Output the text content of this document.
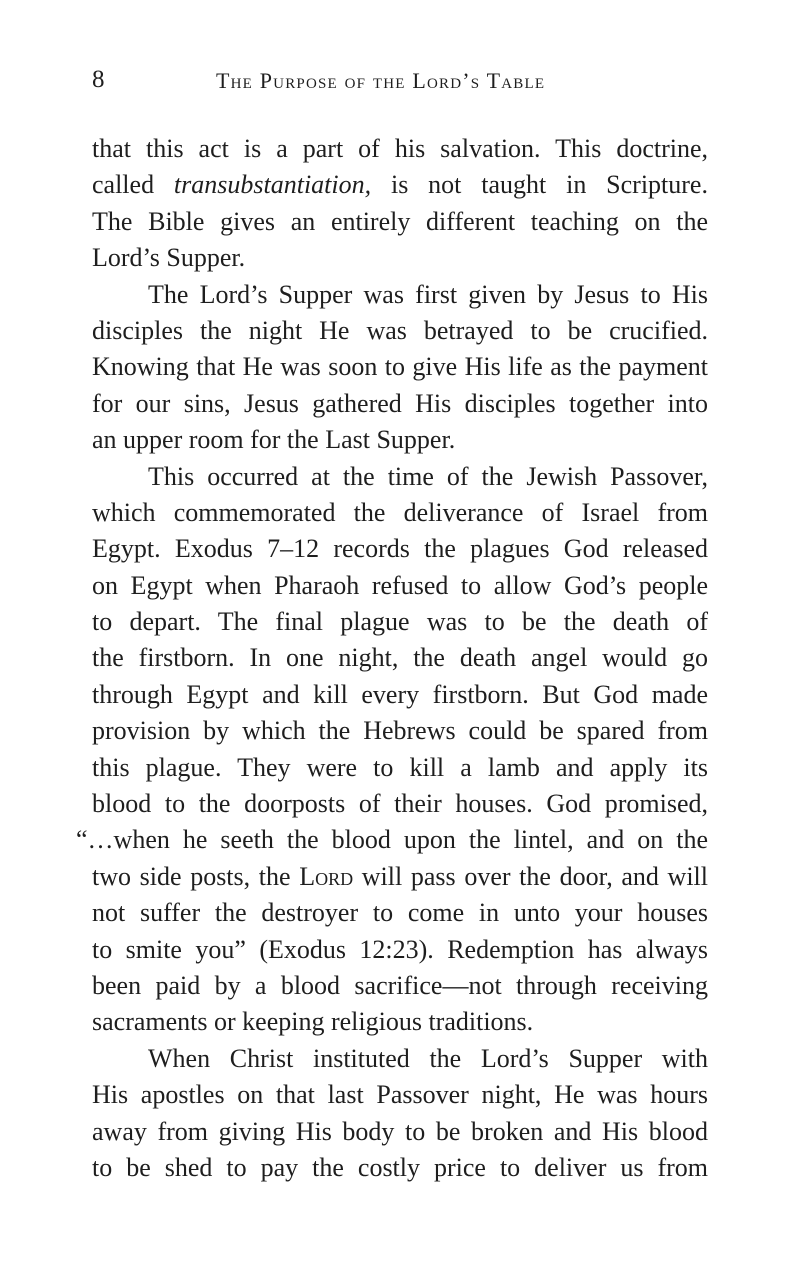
8	The Purpose of the Lord’s Table
that this act is a part of his salvation. This doctrine,
called transubstantiation, is not taught in Scripture.
The Bible gives an entirely different teaching on the
Lord’s Supper.
The Lord’s Supper was first given by Jesus to His
disciples the night He was betrayed to be crucified.
Knowing that He was soon to give His life as the payment
for our sins, Jesus gathered His disciples together into
an upper room for the Last Supper.
This occurred at the time of the Jewish Passover,
which commemorated the deliverance of Israel from
Egypt. Exodus 7–12 records the plagues God released
on Egypt when Pharaoh refused to allow God’s people
to depart. The final plague was to be the death of
the firstborn. In one night, the death angel would go
through Egypt and kill every firstborn. But God made
provision by which the Hebrews could be spared from
this plague. They were to kill a lamb and apply its
blood to the doorposts of their houses. God promised,
“…when he seeth the blood upon the lintel, and on the
two side posts, the Lord will pass over the door, and will
not suffer the destroyer to come in unto your houses
to smite you” (Exodus 12:23). Redemption has always
been paid by a blood sacrifice—not through receiving
sacraments or keeping religious traditions.
When Christ instituted the Lord’s Supper with
His apostles on that last Passover night, He was hours
away from giving His body to be broken and His blood
to be shed to pay the costly price to deliver us from
